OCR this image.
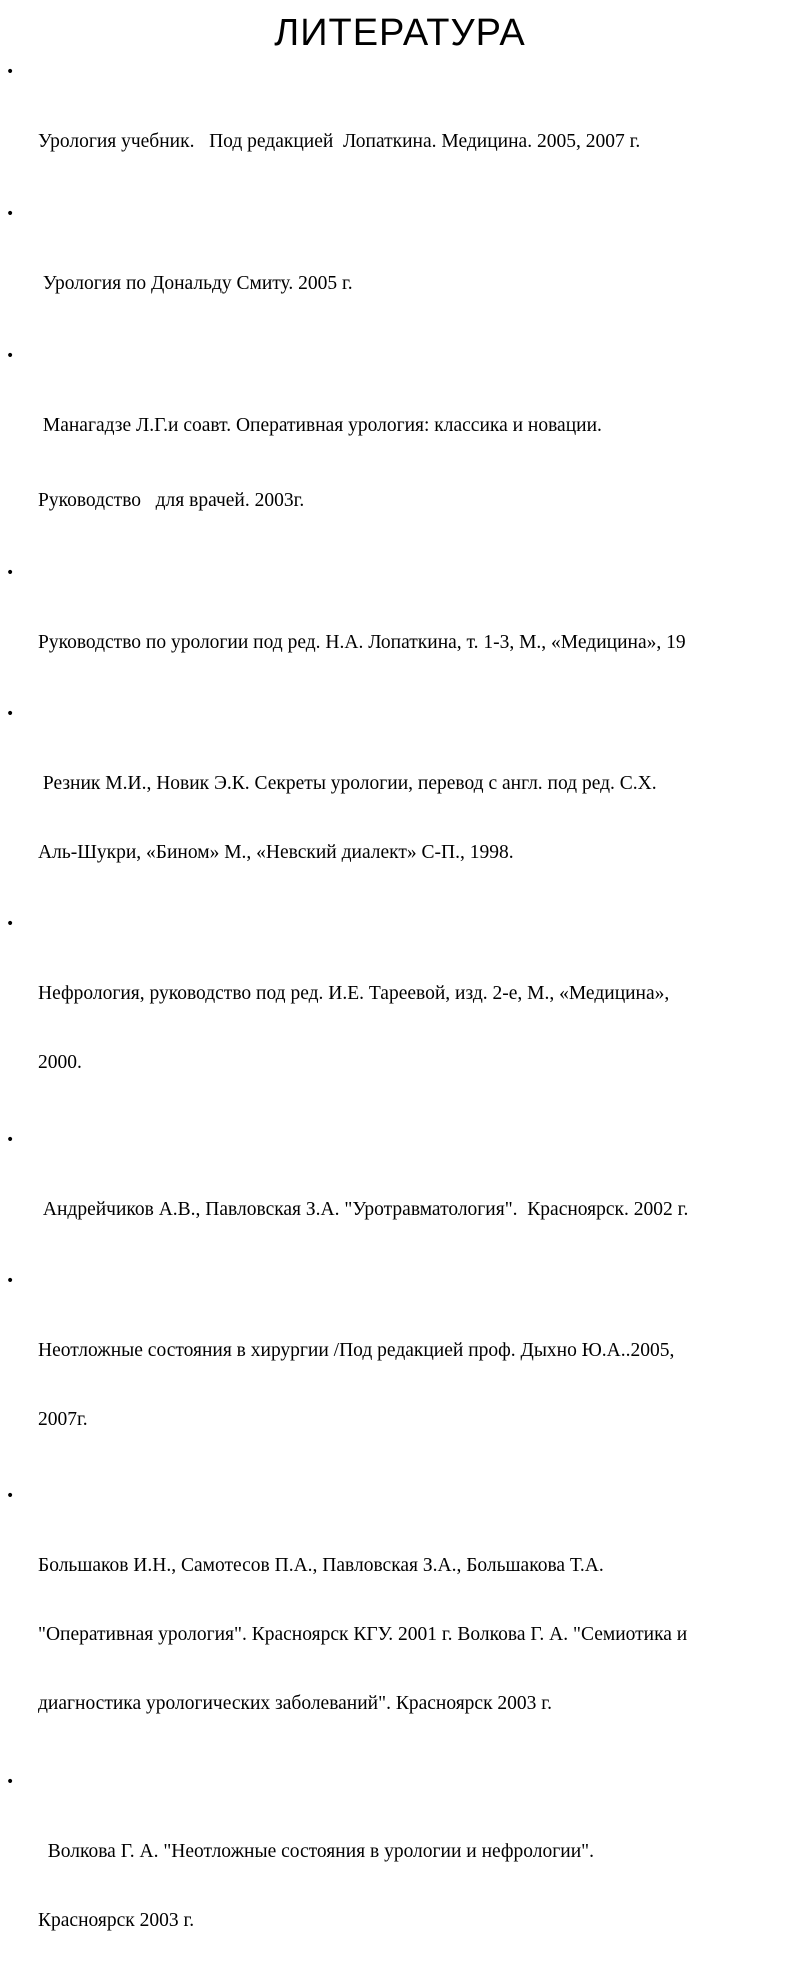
ЛИТЕРАТУРА

•

Урология учебник.   Под редакцией  Лопаткина. Медицина. 2005, 2007 г.

•

Урология по Дональду Смиту. 2005 г.

•

Манагадзе Л.Г.и соавт. Оперативная урология: классика и новации.

Руководство   для врачей. 2003г.

•

Руководство по урологии под ред. Н.А. Лопаткина, т. 1-3, М., «Медицина», 19

•

Резник М.И., Новик Э.К. Секреты урологии, перевод с англ. под ред. С.Х.

Аль-Шукри, «Бином» М., «Невский диалект» С-П., 1998.

•

Нефрология, руководство под ред. И.Е. Тареевой, изд. 2-е, М., «Медицина»,

2000.

•

Андрейчиков А.В., Павловская З.А. "Уротравматология".  Красноярск. 2002 г.

•

Неотложные состояния в хирургии /Под редакцией проф. Дыхно Ю.А..2005,

2007г.

•

Большаков И.Н., Самотесов П.А., Павловская З.А., Большакова Т.А.

"Оперативная урология". Красноярск КГУ. 2001 г. Волкова Г. А. "Семиотика и

диагностика урологических заболеваний". Красноярск 2003 г.

•

Волкова Г. А. "Неотложные состояния в урологии и нефрологии".

Красноярск 2003 г.
